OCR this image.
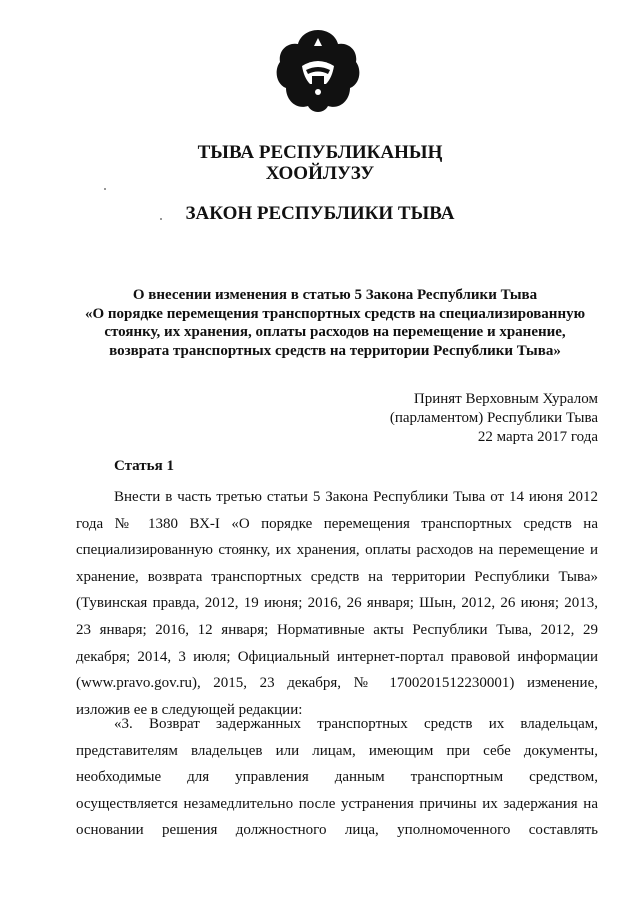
ТЫВА РЕСПУБЛИКАНЫҢ
ХООЙЛУЗУ
ЗАКОН РЕСПУБЛИКИ ТЫВА
О внесении изменения в статью 5 Закона Республики Тыва
«О порядке перемещения транспортных средств на специализированную
стоянку, их хранения, оплаты расходов на перемещение и хранение,
возврата транспортных средств на территории Республики Тыва»
Принят Верховным Хуралом
(парламентом) Республики Тыва
22 марта 2017 года
Статья 1
Внести в часть третью статьи 5 Закона Республики Тыва от 14 июня 2012
года № 1380 ВХ-I «О порядке перемещения транспортных средств на
специализированную стоянку, их хранения, оплаты расходов на перемещение и
хранение, возврата транспортных средств на территории Республики Тыва»
(Тувинская правда, 2012, 19 июня; 2016, 26 января; Шын, 2012, 26 июня; 2013,
23 января; 2016, 12 января; Нормативные акты Республики Тыва, 2012, 29
декабря; 2014, 3 июля; Официальный интернет-портал правовой информации
(www.pravo.gov.ru), 2015, 23 декабря, № 1700201512230001) изменение,
изложив ее в следующей редакции:
«3. Возврат задержанных транспортных средств их владельцам,
представителям владельцев или лицам, имеющим при себе документы,
необходимые для управления данным транспортным средством,
осуществляется незамедлительно после устранения причины их задержания на
основании решения должностного лица, уполномоченного составлять
